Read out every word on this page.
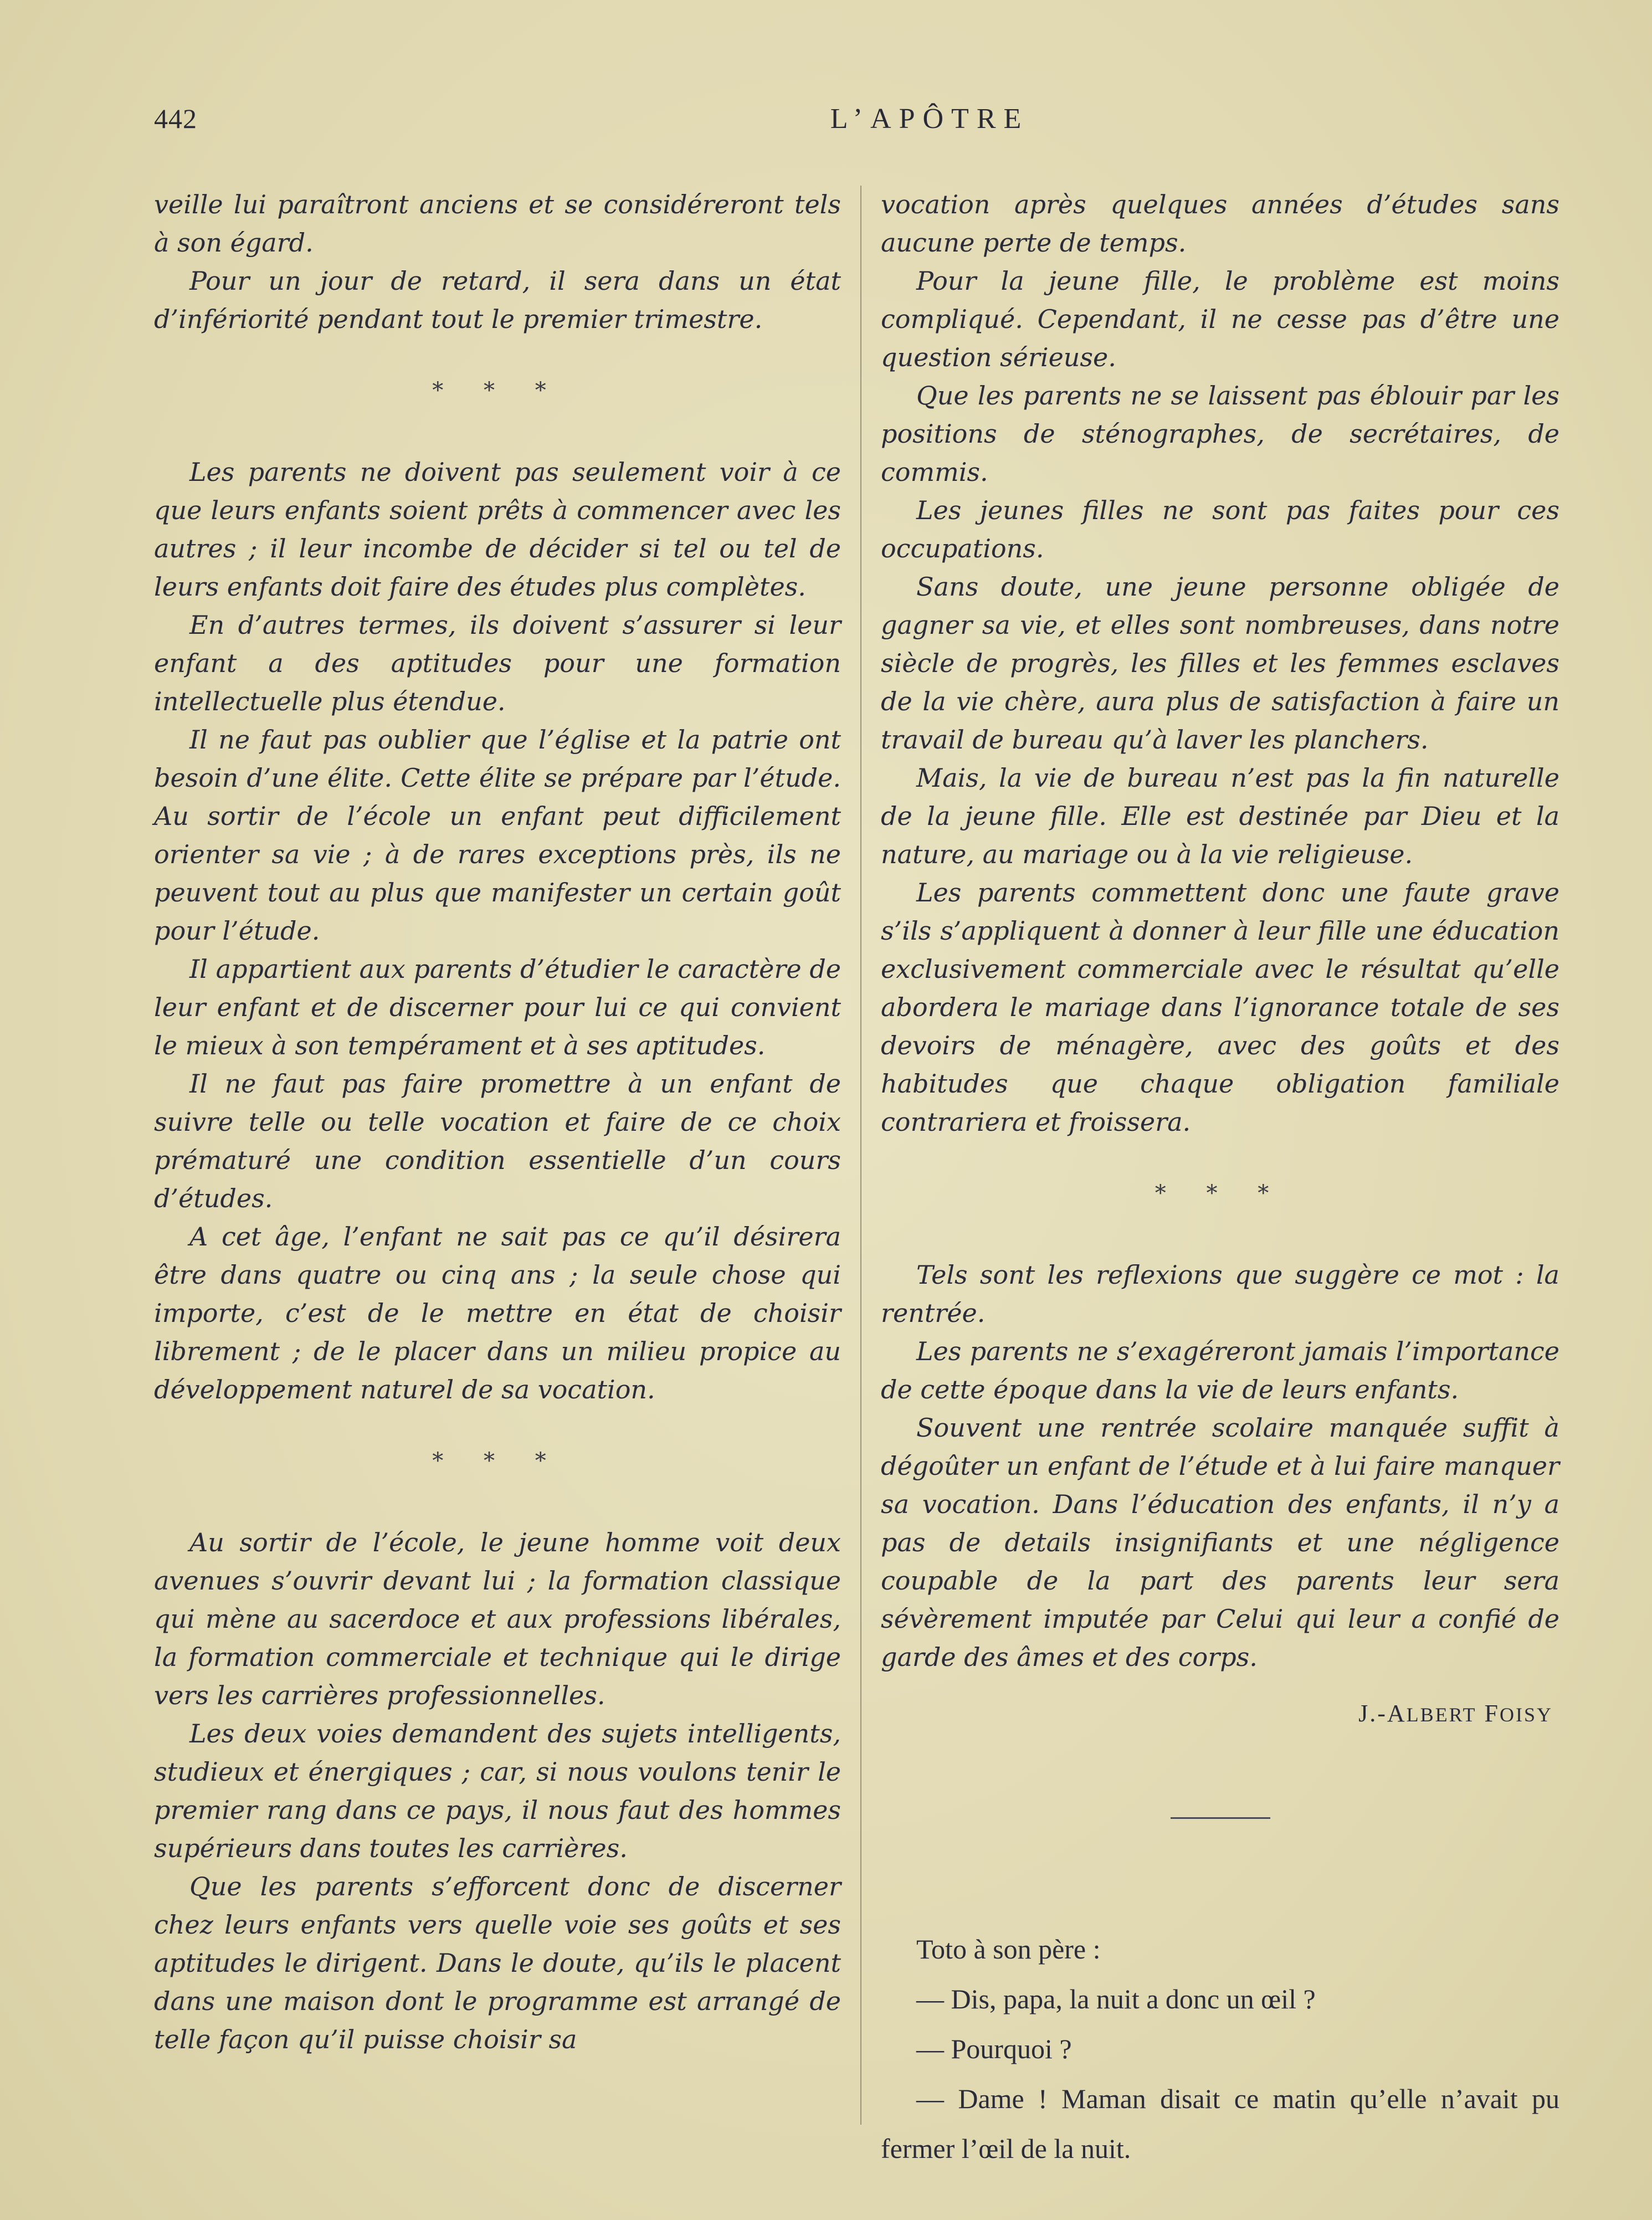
442	L’APÔTRE

veille lui paraîtront anciens et se considéreront tels à son égard.

Pour un jour de retard, il sera dans un état d’infériorité pendant tout le premier trimestre.

* * *

Les parents ne doivent pas seulement voir à ce que leurs enfants soient prêts à commencer avec les autres ; il leur incombe de décider si tel ou tel de leurs enfants doit faire des études plus complètes.

En d’autres termes, ils doivent s’assurer si leur enfant a des aptitudes pour une formation intellectuelle plus étendue.

Il ne faut pas oublier que l’église et la patrie ont besoin d’une élite. Cette élite se prépare par l’étude. Au sortir de l’école un enfant peut difficilement orienter sa vie ; à de rares exceptions près, ils ne peuvent tout au plus que manifester un certain goût pour l’étude.

Il appartient aux parents d’étudier le caractère de leur enfant et de discerner pour lui ce qui convient le mieux à son tempérament et à ses aptitudes.

Il ne faut pas faire promettre à un enfant de suivre telle ou telle vocation et faire de ce choix prématuré une condition essentielle d’un cours d’études.

A cet âge, l’enfant ne sait pas ce qu’il désirera être dans quatre ou cinq ans ; la seule chose qui importe, c’est de le mettre en état de choisir librement ; de le placer dans un milieu propice au développement naturel de sa vocation.

* * *

Au sortir de l’école, le jeune homme voit deux avenues s’ouvrir devant lui ; la formation classique qui mène au sacerdoce et aux professions libérales, la formation commerciale et technique qui le dirige vers les carrières professionnelles.

Les deux voies demandent des sujets intelligents, studieux et énergiques ; car, si nous voulons tenir le premier rang dans ce pays, il nous faut des hommes supérieurs dans toutes les carrières.

Que les parents s’efforcent donc de discerner chez leurs enfants vers quelle voie ses goûts et ses aptitudes le dirigent. Dans le doute, qu’ils le placent dans une maison dont le programme est arrangé de telle façon qu’il puisse choisir sa

vocation après quelques années d’études sans aucune perte de temps.

Pour la jeune fille, le problème est moins compliqué. Cependant, il ne cesse pas d’être une question sérieuse.

Que les parents ne se laissent pas éblouir par les positions de sténographes, de secrétaires, de commis.

Les jeunes filles ne sont pas faites pour ces occupations.

Sans doute, une jeune personne obligée de gagner sa vie, et elles sont nombreuses, dans notre siècle de progrès, les filles et les femmes esclaves de la vie chère, aura plus de satisfaction à faire un travail de bureau qu’à laver les planchers.

Mais, la vie de bureau n’est pas la fin naturelle de la jeune fille. Elle est destinée par Dieu et la nature, au mariage ou à la vie religieuse.

Les parents commettent donc une faute grave s’ils s’appliquent à donner à leur fille une éducation exclusivement commerciale avec le résultat qu’elle abordera le mariage dans l’ignorance totale de ses devoirs de ménagère, avec des goûts et des habitudes que chaque obligation familiale contrariera et froissera.

* * *

Tels sont les reflexions que suggère ce mot : la rentrée.

Les parents ne s’exagéreront jamais l’importance de cette époque dans la vie de leurs enfants.

Souvent une rentrée scolaire manquée suffit à dégoûter un enfant de l’étude et à lui faire manquer sa vocation. Dans l’éducation des enfants, il n’y a pas de details insignifiants et une négligence coupable de la part des parents leur sera sévèrement imputée par Celui qui leur a confié de garde des âmes et des corps.

J.-ALBERT FOISY

Toto à son père :

— Dis, papa, la nuit a donc un œil ?

— Pourquoi ?

— Dame ! Maman disait ce matin qu’elle n’avait pu fermer l’œil de la nuit.
